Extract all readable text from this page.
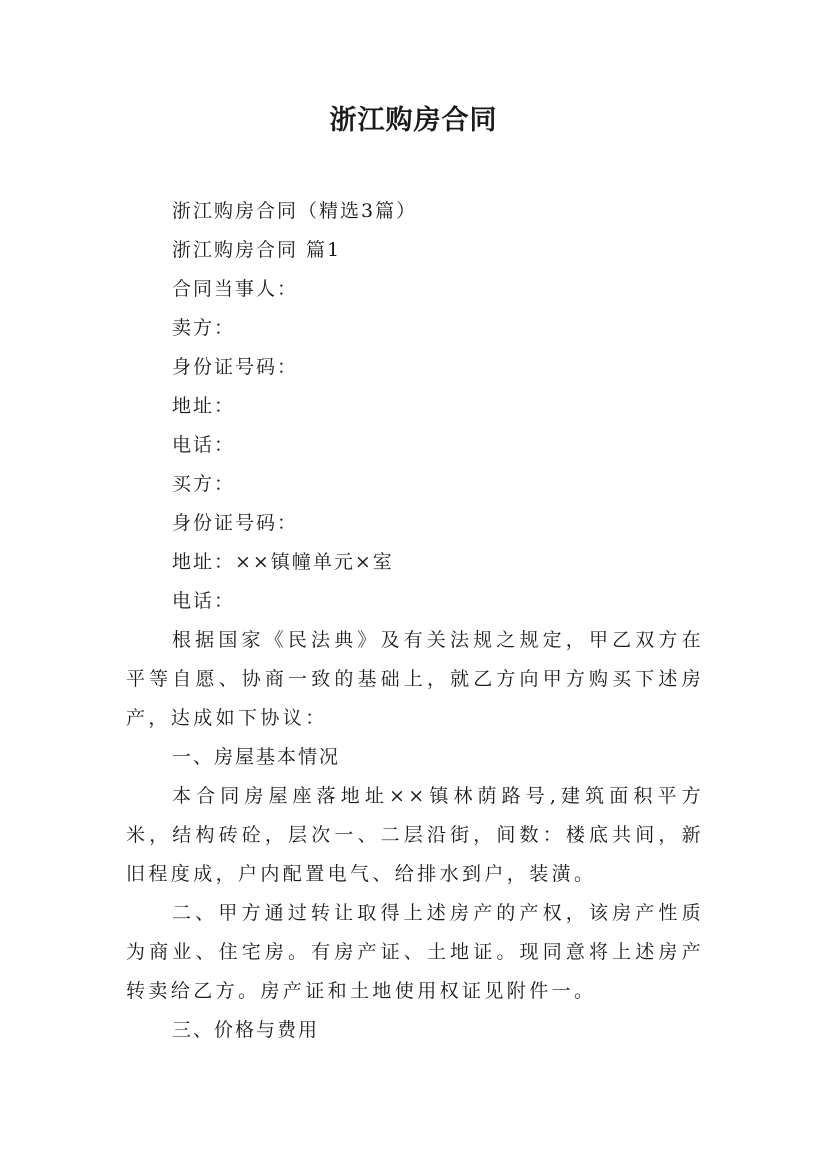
浙江购房合同

浙江购房合同（精选3篇）

浙江购房合同 篇1

合同当事人：

卖方：

身份证号码：

地址：

电话：

买方：

身份证号码：

地址：××镇幢单元×室

电话：

根据国家《民法典》及有关法规之规定，甲乙双方在平等自愿、协商一致的基础上，就乙方向甲方购买下述房产，达成如下协议：

一、房屋基本情况

本合同房屋座落地址××镇林荫路号,建筑面积平方米，结构砖砼，层次一、二层沿街，间数：楼底共间，新旧程度成，户内配置电气、给排水到户，装潢。

二、甲方通过转让取得上述房产的产权，该房产性质为商业、住宅房。有房产证、土地证。现同意将上述房产转卖给乙方。房产证和土地使用权证见附件一。

三、价格与费用
